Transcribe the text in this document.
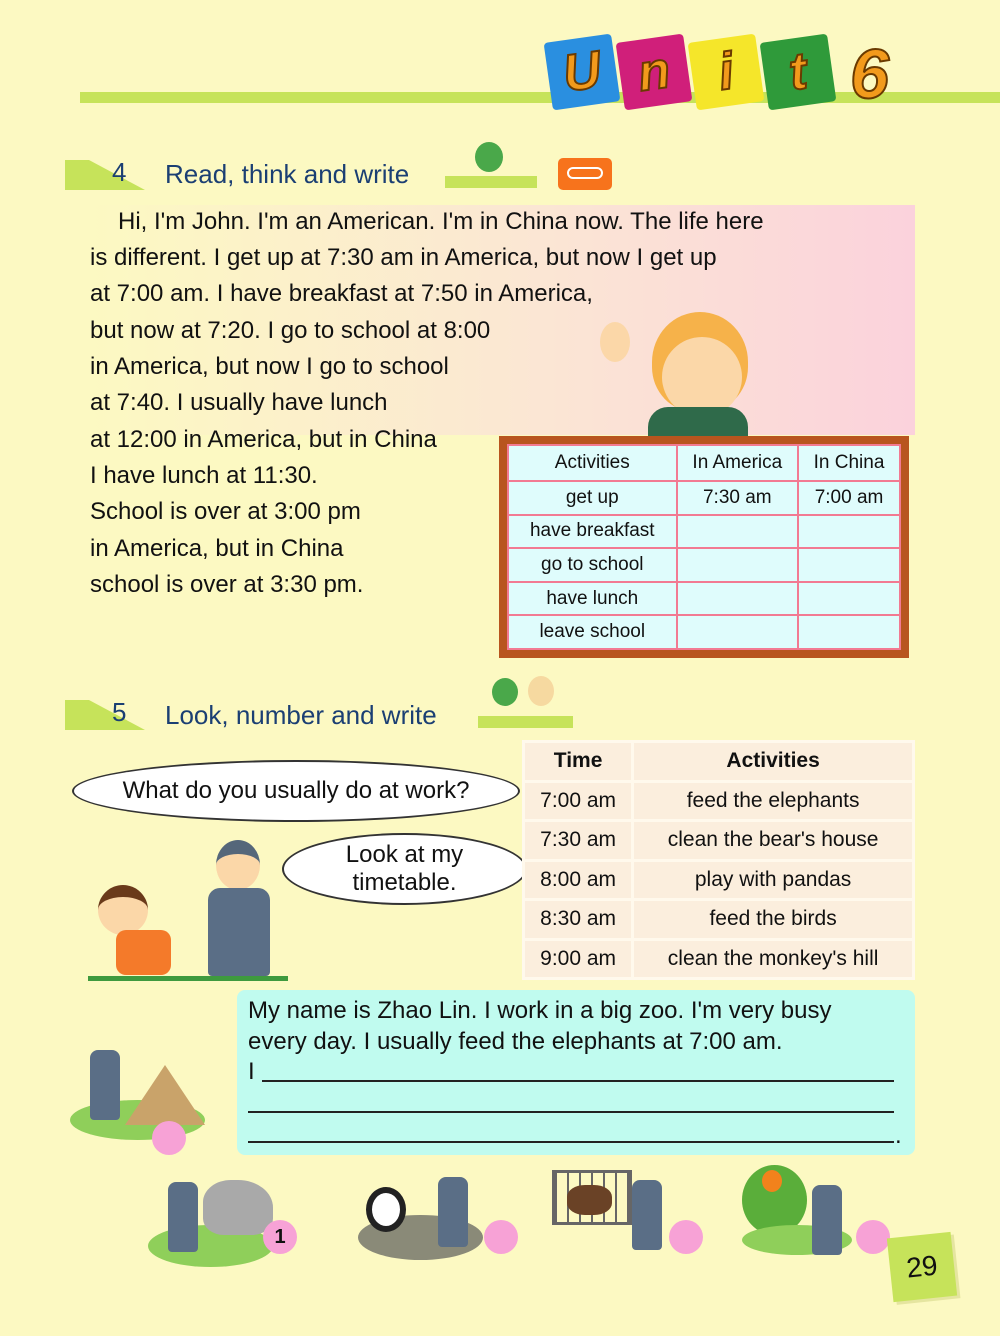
U n i t 6
4 Read, think and write
Hi, I'm John. I'm an American. I'm in China now. The life here
is different. I get up at 7:30 am in America, but now I get up
at 7:00 am. I have breakfast at 7:50 in America,
but now at 7:20. I go to school at 8:00
in America, but now I go to school
at 7:40. I usually have lunch
at 12:00 in America, but in China
I have lunch at 11:30.
School is over at 3:00 pm
in America, but in China
school is over at 3:30 pm.
Activities	In America	In China
get up	7:30 am	7:00 am
have breakfast		
go to school		
have lunch		
leave school		
5 Look, number and write
What do you usually do at work?
Look at my
timetable.
Time	Activities
7:00 am	feed the elephants
7:30 am	clean the bear's house
8:00 am	play with pandas
8:30 am	feed the birds
9:00 am	clean the monkey's hill
My name is Zhao Lin. I work in a big zoo. I'm very busy
every day. I usually feed the elephants at 7:00 am.
I
.
1
29
